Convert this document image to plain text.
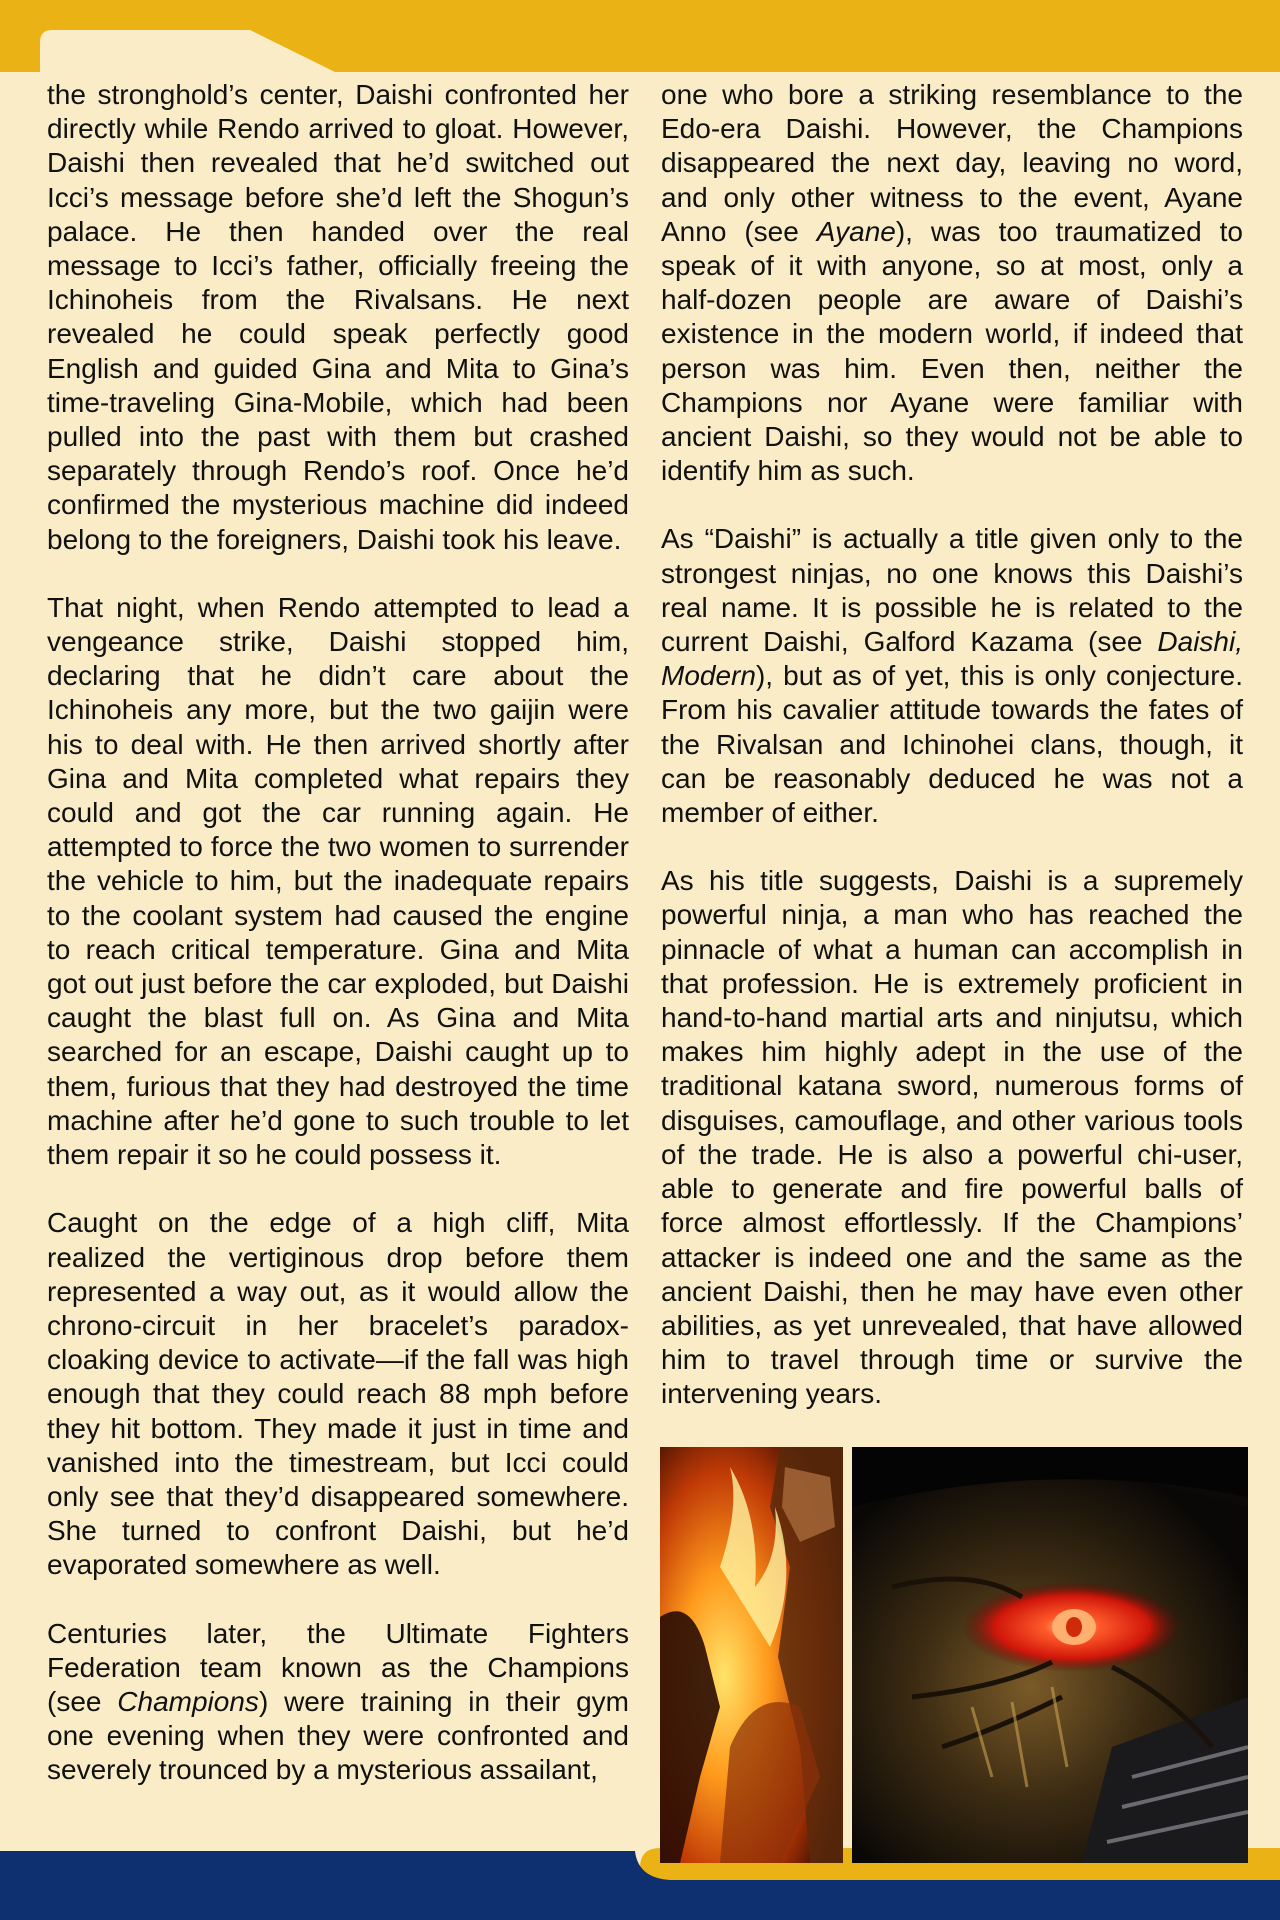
the stronghold’s center, Daishi confronted her directly while Rendo arrived to gloat. However, Daishi then revealed that he’d switched out Icci’s message before she’d left the Shogun’s palace. He then handed over the real message to Icci’s father, officially freeing the Ichinoheis from the Rivalsans. He next revealed he could speak perfectly good English and guided Gina and Mita to Gina’s time-traveling Gina-Mobile, which had been pulled into the past with them but crashed separately through Rendo’s roof. Once he’d confirmed the mysterious machine did indeed belong to the foreigners, Daishi took his leave.

That night, when Rendo attempted to lead a vengeance strike, Daishi stopped him, declaring that he didn’t care about the Ichinoheis any more, but the two gaijin were his to deal with. He then arrived shortly after Gina and Mita completed what repairs they could and got the car running again. He attempted to force the two women to surrender the vehicle to him, but the inadequate repairs to the coolant system had caused the engine to reach critical temperature. Gina and Mita got out just before the car exploded, but Daishi caught the blast full on. As Gina and Mita searched for an escape, Daishi caught up to them, furious that they had destroyed the time machine after he’d gone to such trouble to let them repair it so he could possess it.

Caught on the edge of a high cliff, Mita realized the vertiginous drop before them represented a way out, as it would allow the chrono-circuit in her bracelet’s paradox-cloaking device to activate—if the fall was high enough that they could reach 88 mph before they hit bottom. They made it just in time and vanished into the timestream, but Icci could only see that they’d disappeared somewhere. She turned to confront Daishi, but he’d evaporated somewhere as well.

Centuries later, the Ultimate Fighters Federation team known as the Champions (see Champions) were training in their gym one evening when they were confronted and severely trounced by a mysterious assailant,

one who bore a striking resemblance to the Edo-era Daishi. However, the Champions disappeared the next day, leaving no word, and only other witness to the event, Ayane Anno (see Ayane), was too traumatized to speak of it with anyone, so at most, only a half-dozen people are aware of Daishi’s existence in the modern world, if indeed that person was him. Even then, neither the Champions nor Ayane were familiar with ancient Daishi, so they would not be able to identify him as such.

As “Daishi” is actually a title given only to the strongest ninjas, no one knows this Daishi’s real name. It is possible he is related to the current Daishi, Galford Kazama (see Daishi, Modern), but as of yet, this is only conjecture. From his cavalier attitude towards the fates of the Rivalsan and Ichinohei clans, though, it can be reasonably deduced he was not a member of either.

As his title suggests, Daishi is a supremely powerful ninja, a man who has reached the pinnacle of what a human can accomplish in that profession. He is extremely proficient in hand-to-hand martial arts and ninjutsu, which makes him highly adept in the use of the traditional katana sword, numerous forms of disguises, camouflage, and other various tools of the trade. He is also a powerful chi-user, able to generate and fire powerful balls of force almost effortlessly. If the Champions’ attacker is indeed one and the same as the ancient Daishi, then he may have even other abilities, as yet unrevealed, that have allowed him to travel through time or survive the intervening years.
